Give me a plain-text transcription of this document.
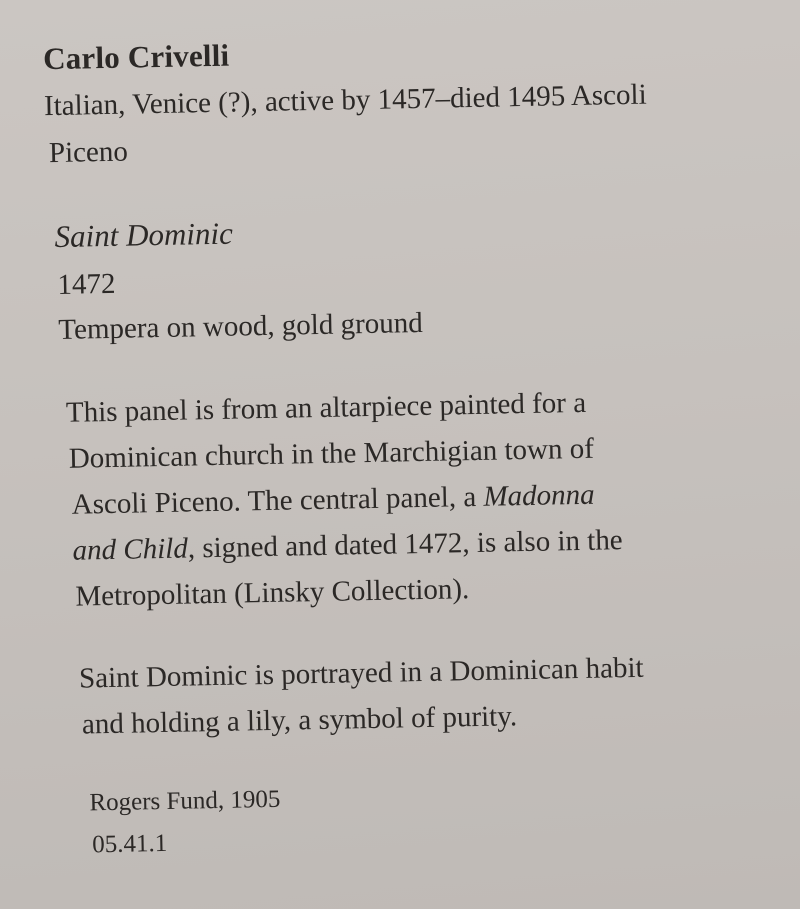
Carlo Crivelli
Italian, Venice (?), active by 1457–died 1495 Ascoli
Piceno
Saint Dominic
1472
Tempera on wood, gold ground
This panel is from an altarpiece painted for a
Dominican church in the Marchigian town of
Ascoli Piceno. The central panel, a Madonna
and Child, signed and dated 1472, is also in the
Metropolitan (Linsky Collection).
Saint Dominic is portrayed in a Dominican habit
and holding a lily, a symbol of purity.
Rogers Fund, 1905
05.41.1
